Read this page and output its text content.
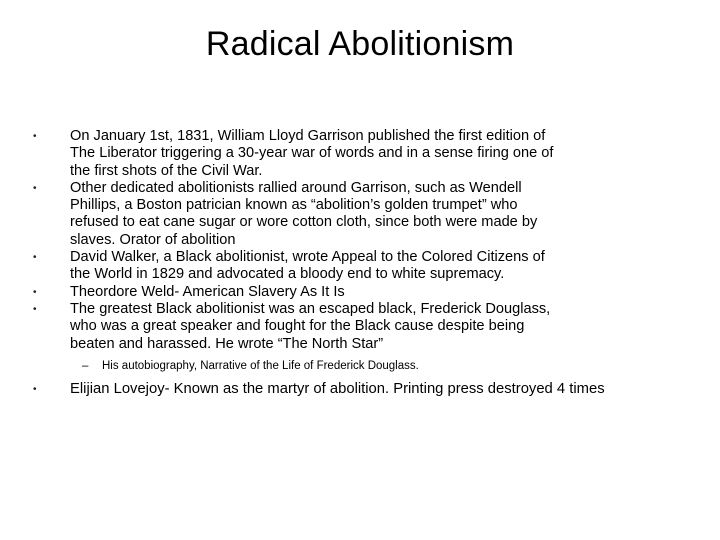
Radical Abolitionism
• On January 1st, 1831, William Lloyd Garrison published the first edition of The Liberator triggering a 30-year war of words and in a sense firing one of the first shots of the Civil War.
• Other dedicated abolitionists rallied around Garrison, such as Wendell Phillips, a Boston patrician known as “abolition’s golden trumpet” who refused to eat cane sugar or wore cotton cloth, since both were made by slaves. Orator of abolition
• David Walker, a Black abolitionist, wrote Appeal to the Colored Citizens of the World in 1829 and advocated a bloody end to white supremacy.
• Theordore Weld- American Slavery As It Is
• The greatest Black abolitionist was an escaped black, Frederick Douglass, who was a great speaker and fought for the Black cause despite being beaten and harassed. He wrote “The North Star”
– His autobiography, Narrative of the Life of Frederick Douglass.
• Elijian Lovejoy- Known as the martyr of abolition. Printing press destroyed 4 times
